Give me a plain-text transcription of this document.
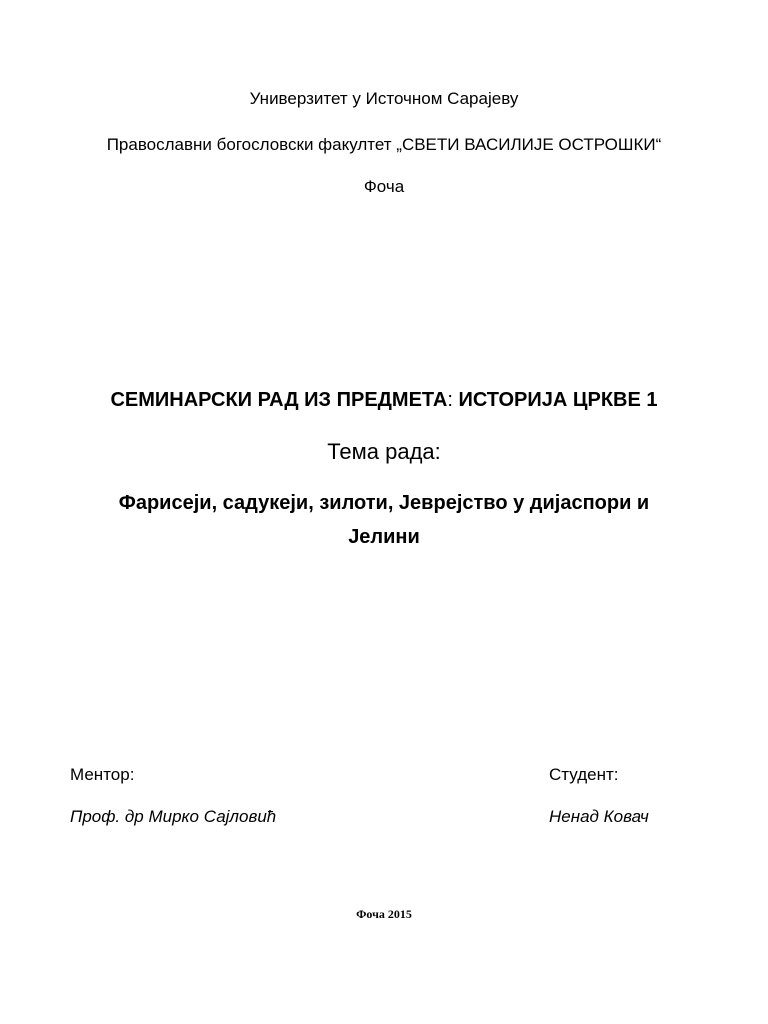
Универзитет у Источном Сарајеву
Православни богословски факултет „СВЕТИ ВАСИЛИЈЕ ОСТРОШКИ“
Фоча
СЕМИНАРСКИ РАД ИЗ ПРЕДМЕТА: ИСТОРИЈА ЦРКВЕ 1
Тема рада:
Фарисеји, садукеји, зилоти, Јеврејство у дијаспори и
Јелини
Ментор:
Проф. др Мирко Сајловић
Студент:
Ненад Ковач
Фоча 2015
